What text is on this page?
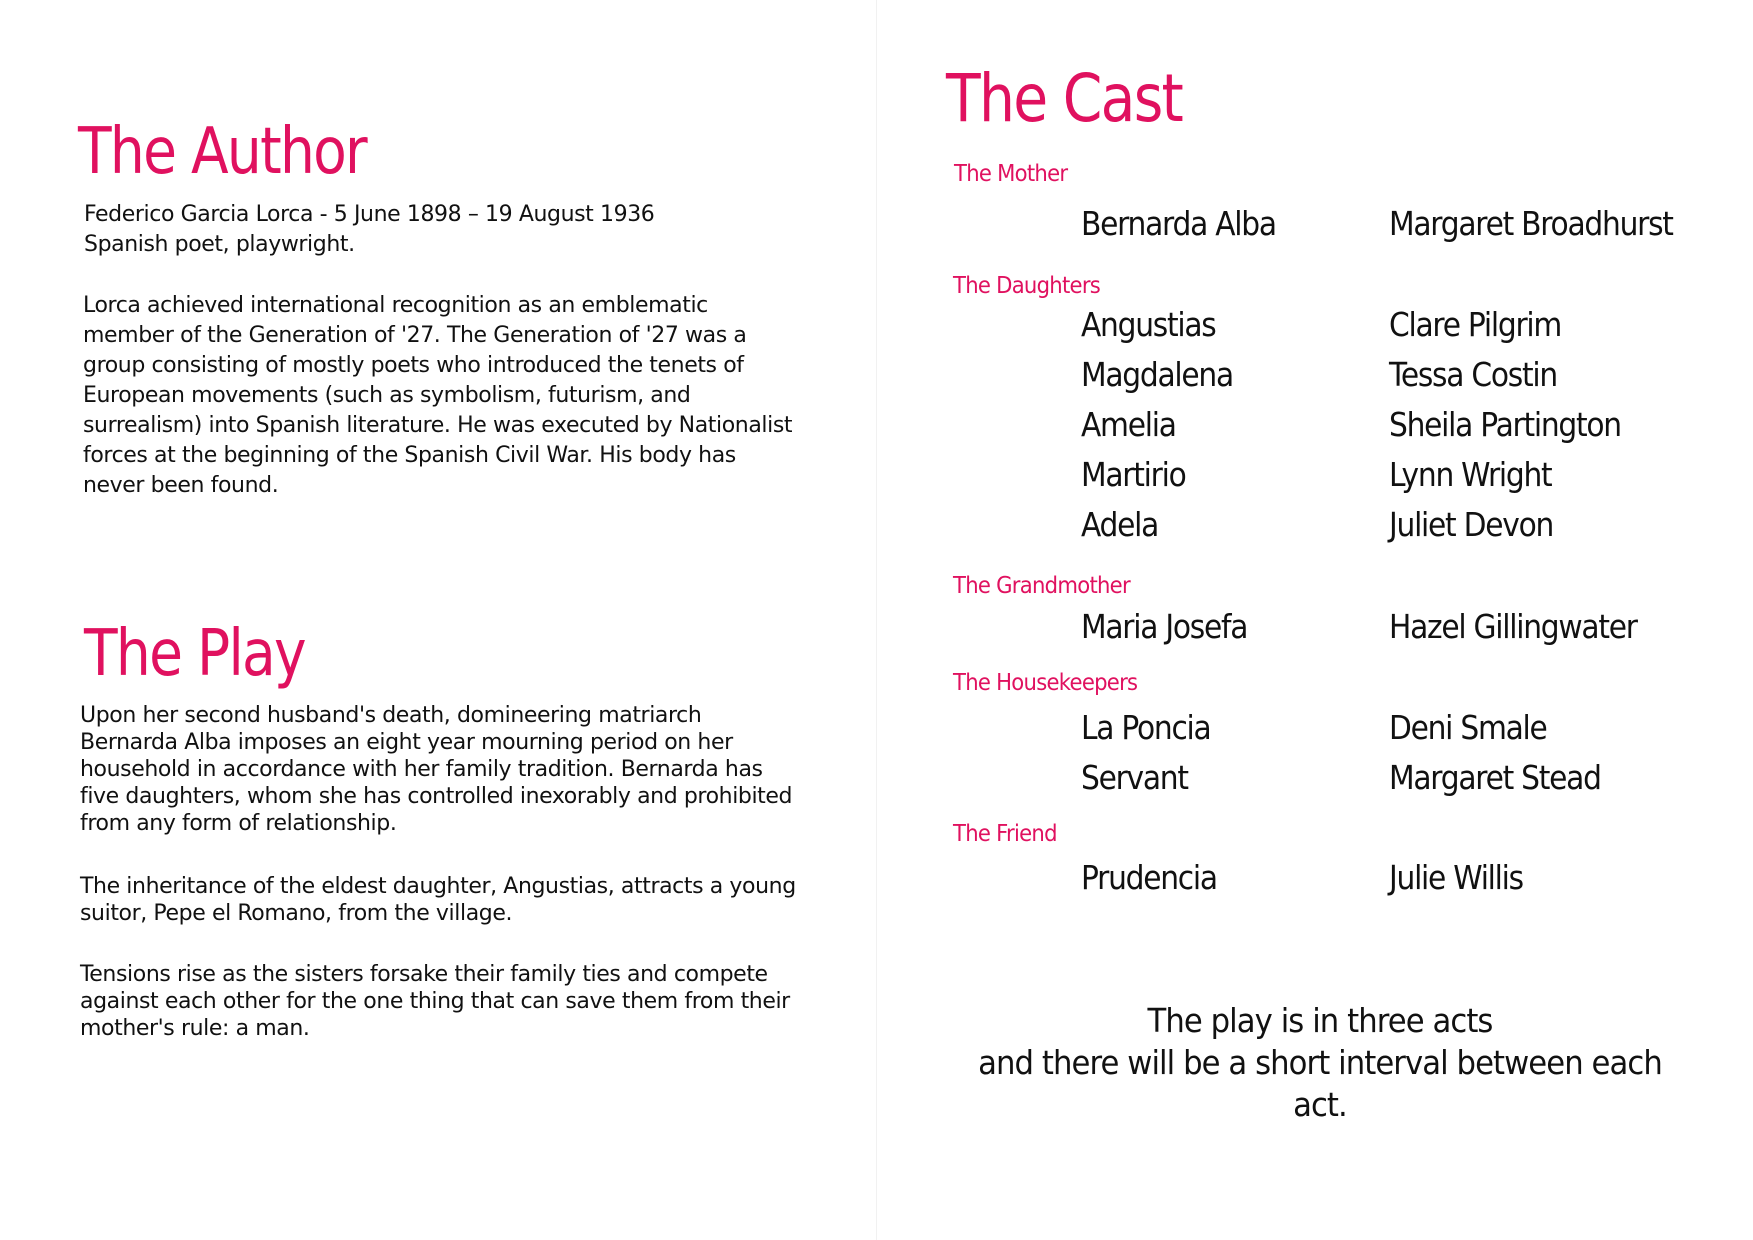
The Author

Federico Garcia Lorca - 5 June 1898 – 19 August 1936
Spanish poet, playwright.

Lorca achieved international recognition as an emblematic
member of the Generation of '27. The Generation of '27 was a
group consisting of mostly poets who introduced the tenets of
European movements (such as symbolism, futurism, and
surrealism) into Spanish literature. He was executed by Nationalist
forces at the beginning of the Spanish Civil War. His body has
never been found.

The Play

Upon her second husband's death, domineering matriarch
Bernarda Alba imposes an eight year mourning period on her
household in accordance with her family tradition. Bernarda has
five daughters, whom she has controlled inexorably and prohibited
from any form of relationship.

The inheritance of the eldest daughter, Angustias, attracts a young
suitor, Pepe el Romano, from the village.

Tensions rise as the sisters forsake their family ties and compete
against each other for the one thing that can save them from their
mother's rule: a man.

The Cast
The Mother
Bernarda Alba	Margaret Broadhurst
The Daughters
Angustias	Clare Pilgrim
Magdalena	Tessa Costin
Amelia	Sheila Partington
Martirio	Lynn Wright
Adela	Juliet Devon
The Grandmother
Maria Josefa	Hazel Gillingwater
The Housekeepers
La Poncia	Deni Smale
Servant	Margaret Stead
The Friend
Prudencia	Julie Willis
The play is in three acts
and there will be a short interval between each act.
